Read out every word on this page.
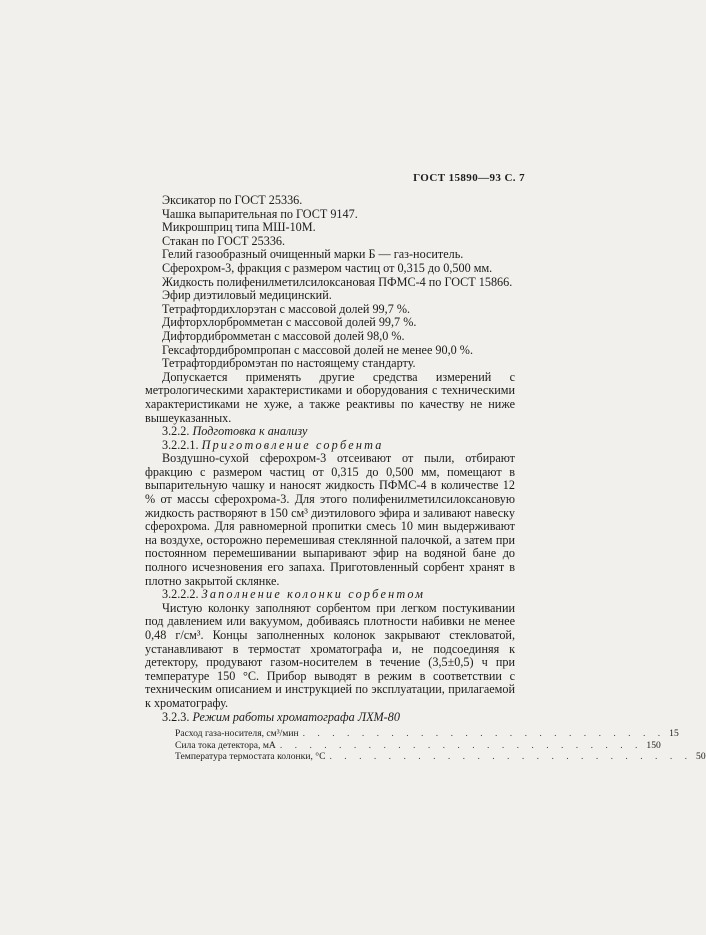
ГОСТ 15890—93 С. 7

Эксикатор по ГОСТ 25336.

Чашка выпарительная по ГОСТ 9147.

Микрошприц типа МШ-10М.

Стакан по ГОСТ 25336.

Гелий газообразный очищенный марки Б — газ-носитель.

Сферохром-3, фракция с размером частиц от 0,315 до 0,500 мм.

Жидкость полифенилметилсилоксановая ПФМС-4 по ГОСТ 15866.

Эфир диэтиловый медицинский.

Тетрафтордихлорэтан с массовой долей 99,7 %.

Дифторхлорбромметан с массовой долей 99,7 %.

Дифтордибромметан с массовой долей 98,0 %.

Гексафтордибромпропан с массовой долей не менее 90,0 %.

Тетрафтордибромэтан по настоящему стандарту.

Допускается применять другие средства измерений с метрологическими характеристиками и оборудования с техническими характеристиками не хуже, а также реактивы по качеству не ниже вышеуказанных.

3.2.2. Подготовка к анализу

3.2.2.1. Приготовление сорбента

Воздушно-сухой сферохром-3 отсеивают от пыли, отбирают фракцию с размером частиц от 0,315 до 0,500 мм, помещают в выпарительную чашку и наносят жидкость ПФМС-4 в количестве 12 % от массы сферохрома-3. Для этого полифенилметилсилоксановую жидкость растворяют в 150 см³ диэтилового эфира и заливают навеску сферохрома. Для равномерной пропитки смесь 10 мин выдерживают на воздухе, осторожно перемешивая стеклянной палочкой, а затем при постоянном перемешивании выпаривают эфир на водяной бане до полного исчезновения его запаха. Приготовленный сорбент хранят в плотно закрытой склянке.

3.2.2.2. Заполнение колонки сорбентом

Чистую колонку заполняют сорбентом при легком постукивании под давлением или вакуумом, добиваясь плотности набивки не менее 0,48 г/см³. Концы заполненных колонок закрывают стекловатой, устанавливают в термостат хроматографа и, не подсоединяя к детектору, продувают газом-носителем в течение (3,5±0,5) ч при температуре 150 °С. Прибор выводят в режим в соответствии с техническим описанием и инструкцией по эксплуатации, прилагаемой к хроматографу.

3.2.3. Режим работы хроматографа ЛХМ-80

Расход газа-носителя, см³/мин . . . . . . . . . . . . . . . . . . . . . . . . . 15
Сила тока детектора, мА . . . . . . . . . . . . . . . . . . . . . . . . . 150
Температура термостата колонки, °С . . . . . . . . . . . . . . . . . . . . . . . . . 50
